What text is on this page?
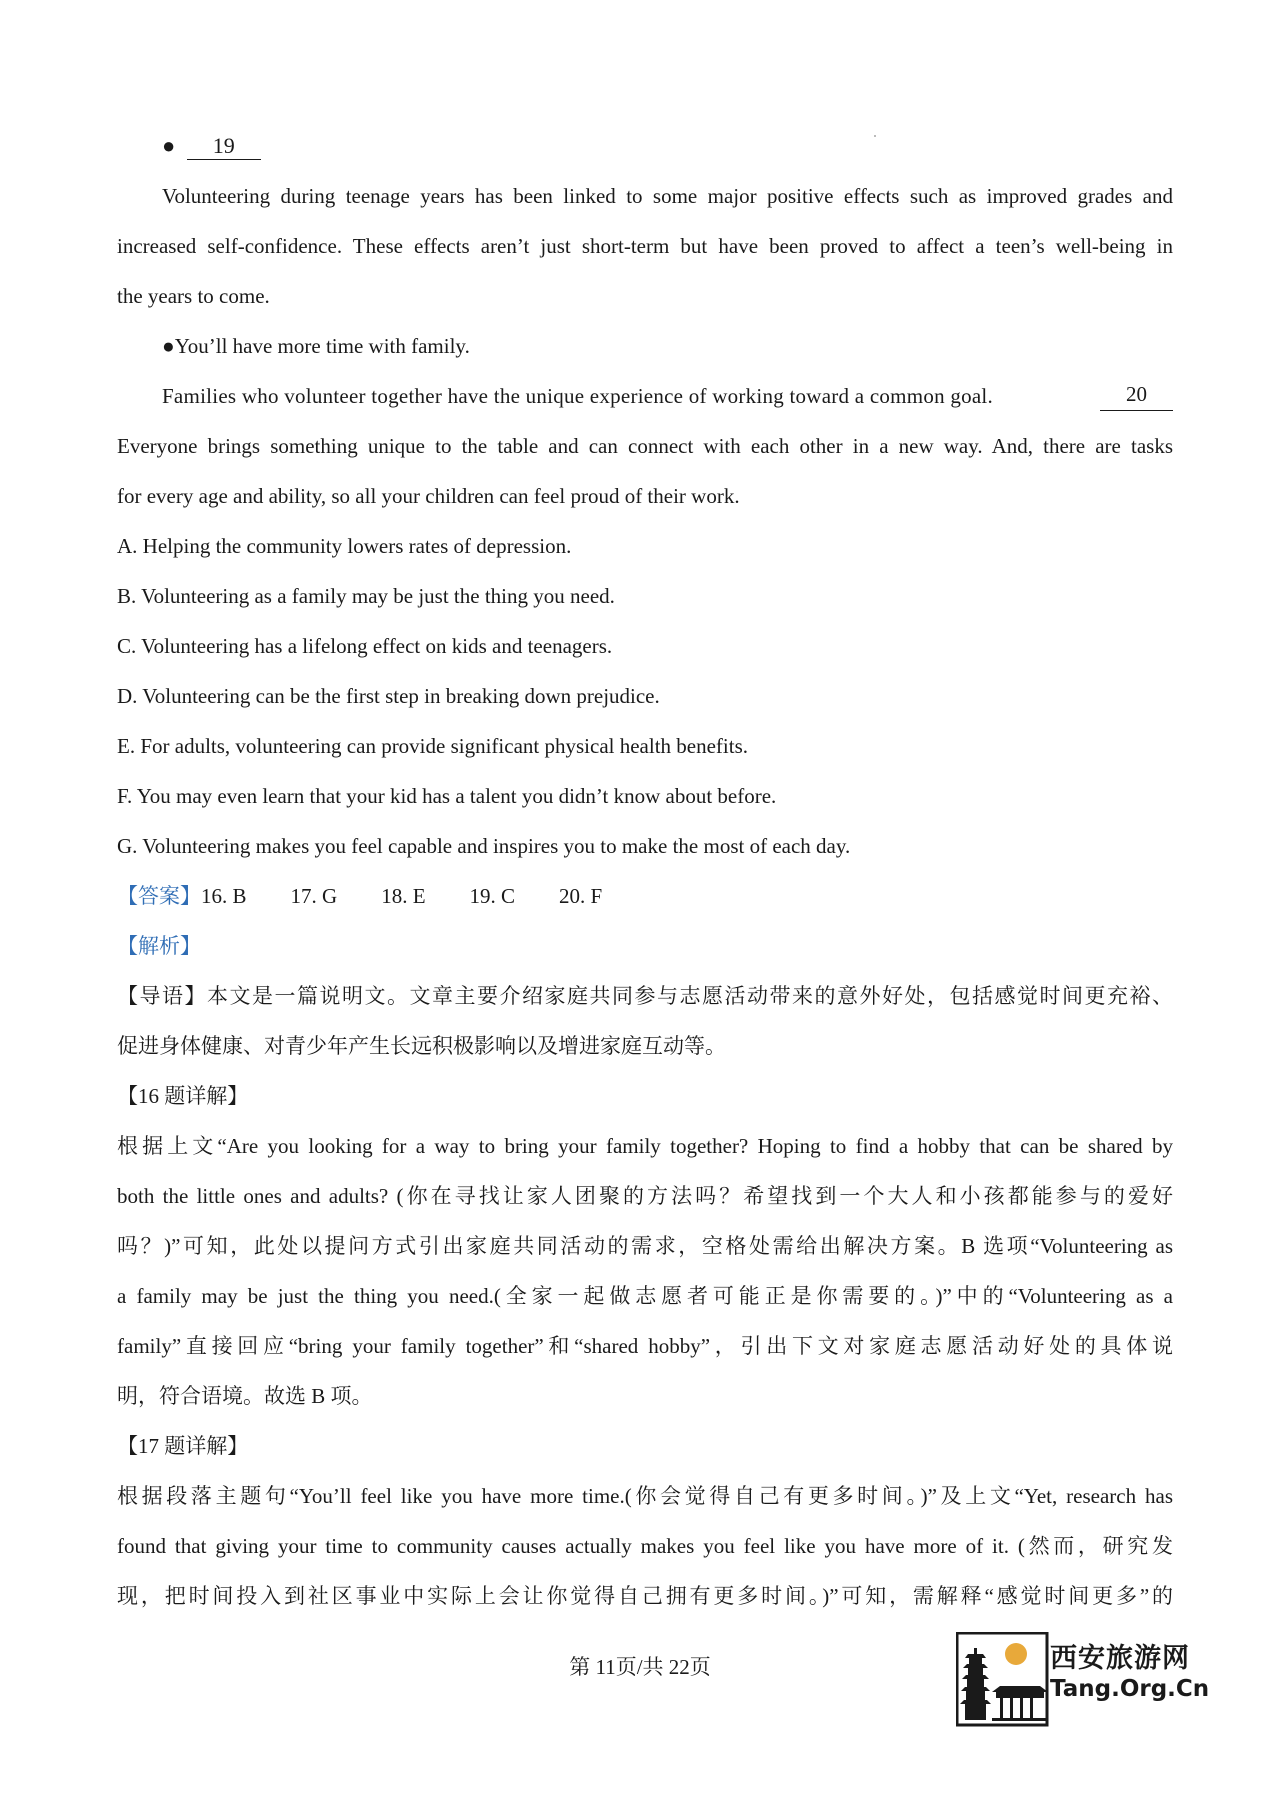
● 19
Volunteering during teenage years has been linked to some major positive effects such as improved grades and
increased self-confidence. These effects aren’t just short-term but have been proved to affect a teen’s well-being in
the years to come.
●You’ll have more time with family.
Families who volunteer together have the unique experience of working toward a common goal.	20
Everyone brings something unique to the table and can connect with each other in a new way. And, there are tasks
for every age and ability, so all your children can feel proud of their work.
A. Helping the community lowers rates of depression.
B. Volunteering as a family may be just the thing you need.
C. Volunteering has a lifelong effect on kids and teenagers.
D. Volunteering can be the first step in breaking down prejudice.
E. For adults, volunteering can provide significant physical health benefits.
F. You may even learn that your kid has a talent you didn’t know about before.
G. Volunteering makes you feel capable and inspires you to make the most of each day.
【答案】16. B 17. G 18. E 19. C 20. F
【解析】
【导语】本文是一篇说明文。文章主要介绍家庭共同参与志愿活动带来的意外好处，包括感觉时间更充裕、
促进身体健康、对青少年产生长远积极影响以及增进家庭互动等。
【16 题详解】
根据上文“Are you looking for a way to bring your family together? Hoping to find a hobby that can be shared by
both the little ones and adults? (你在寻找让家人团聚的方法吗？希望找到一个大人和小孩都能参与的爱好
吗？)”可知，此处以提问方式引出家庭共同活动的需求，空格处需给出解决方案。B 选项“Volunteering as
a family may be just the thing you need.(全家一起做志愿者可能正是你需要的。)”中的“Volunteering as a
family”直接回应“bring your family together”和“shared hobby”，引出下文对家庭志愿活动好处的具体说
明，符合语境。故选 B 项。
【17 题详解】
根据段落主题句“You’ll feel like you have more time.(你会觉得自己有更多时间。)”及上文“Yet, research has
found that giving your time to community causes actually makes you feel like you have more of it. (然而，研究发
现，把时间投入到社区事业中实际上会让你觉得自己拥有更多时间。)”可知，需解释“感觉时间更多”的
第 11页/共 22页	西安旅游网
Tang.Org.Cn
